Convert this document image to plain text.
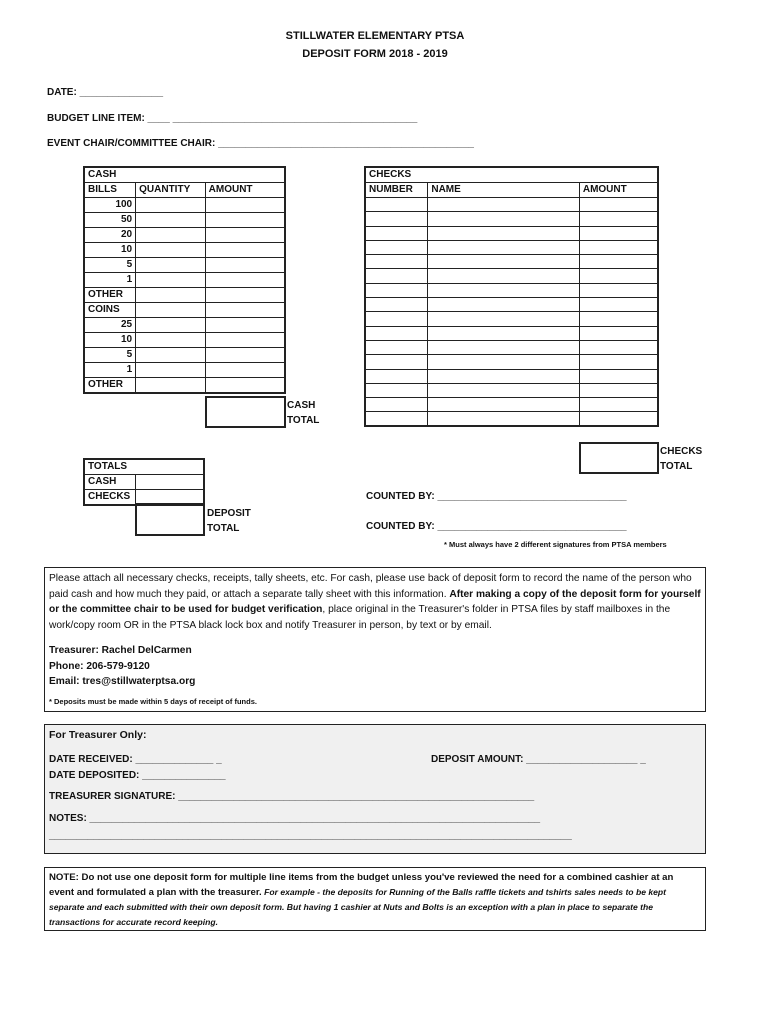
STILLWATER ELEMENTARY PTSA
DEPOSIT FORM 2018 - 2019
DATE: _______________
BUDGET LINE ITEM: ____ ____________________________________________
EVENT CHAIR/COMMITTEE CHAIR: ______________________________________________
CASH		
BILLS	QUANTITY	AMOUNT
100		
50		
20		
10		
5		
1		
OTHER		
COINS		
25		
10		
5		
1		
OTHER		
CASH
TOTAL
CHECKS		
NUMBER	NAME	AMOUNT

CHECKS
TOTAL
TOTALS	
CASH	
CHECKS	
DEPOSIT
TOTAL
COUNTED BY: __________________________________
COUNTED BY: __________________________________
* Must always have 2 different signatures from PTSA members
Please attach all necessary checks, receipts, tally sheets, etc. For cash, please use back of deposit form to record the name of the person who paid cash and how much they paid, or attach a separate tally sheet with this information. After making a copy of the deposit form for yourself or the committee chair to be used for budget verification, place original in the Treasurer's folder in PTSA files by staff mailboxes in the work/copy room OR in the PTSA black lock box and notify Treasurer in person, by text or by email.
Treasurer: Rachel DelCarmen
Phone: 206-579-9120
Email: tres@stillwaterptsa.org
* Deposits must be made within 5 days of receipt of funds.
For Treasurer Only:
DATE RECEIVED: ______________ _	DEPOSIT AMOUNT: ____________________ _
DATE DEPOSITED: _______________
TREASURER SIGNATURE: ________________________________________________________________
NOTES: _________________________________________________________________________________
______________________________________________________________________________________________
NOTE: Do not use one deposit form for multiple line items from the budget unless you've reviewed the need for a combined cashier at an event and formulated a plan with the treasurer. For example - the deposits for Running of the Balls raffle tickets and tshirts sales needs to be kept separate and each submitted with their own deposit form. But having 1 cashier at Nuts and Bolts is an exception with a plan in place to separate the transactions for accurate record keeping.
